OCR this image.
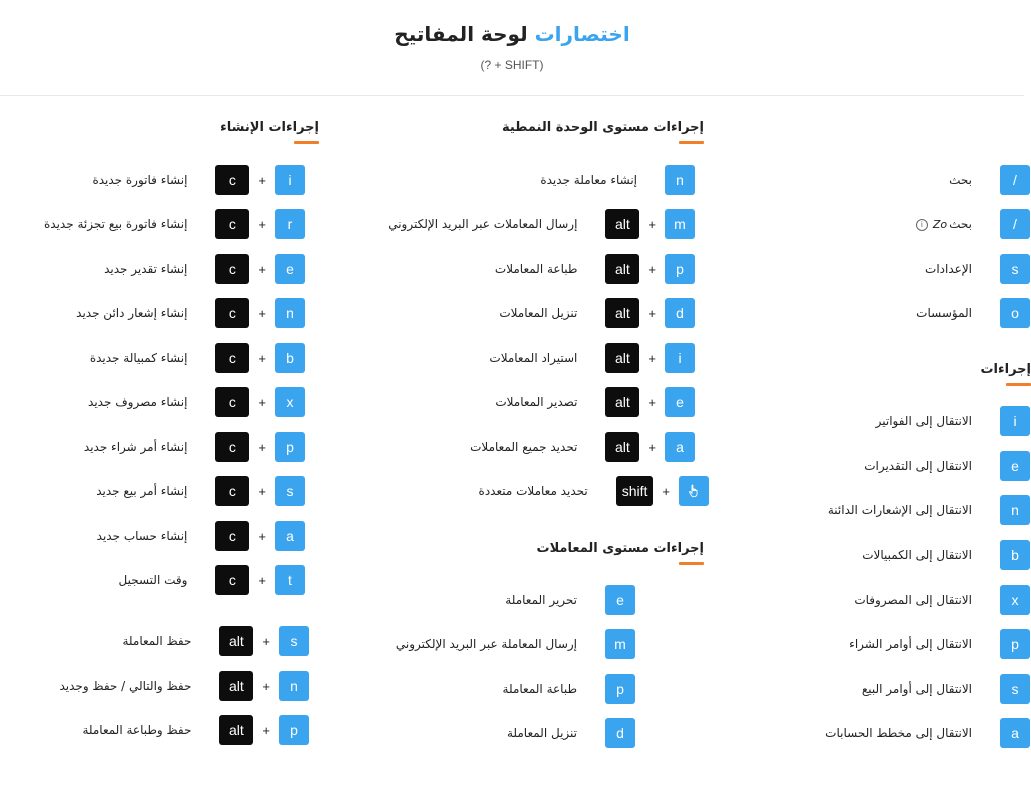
اختصارات لوحة المفاتيح
(? + SHIFT)
إجراءات الإنشاء	إجراءات مستوى الوحدة النمطية
إجراءات مستوى المعاملات
إجراءات
إنشاء فاتورة جديدة	c	+	i
إنشاء فاتورة بيع تجزئة جديدة	c	+	r
إنشاء تقدير جديد	c	+	e
إنشاء إشعار دائن جديد	c	+	n
إنشاء كمبيالة جديدة	c	+	b
إنشاء مصروف جديد	c	+	x
إنشاء أمر شراء جديد	c	+	p
إنشاء أمر بيع جديد	c	+	s
إنشاء حساب جديد	c	+	a
وقت التسجيل	c	+	t
حفظ المعاملة	alt	+	s
حفظ والتالي / حفظ وجديد	alt	+	n
حفظ وطباعة المعاملة	alt	+	p
إنشاء معاملة جديدة	n
إرسال المعاملات عبر البريد الإلكتروني	alt	+	m
طباعة المعاملات	alt	+	p
تنزيل المعاملات	alt	+	d
استيراد المعاملات	alt	+	i
تصدير المعاملات	alt	+	e
تحديد جميع المعاملات	alt	+	a
تحديد معاملات متعددة	shift	+
تحرير المعاملة	e
إرسال المعاملة عبر البريد الإلكتروني	m
طباعة المعاملة	p
تنزيل المعاملة	d
بحث	/
بحثZoi	/
الإعدادات	s
المؤسسات	o
الانتقال إلى الفواتير	i
الانتقال إلى التقديرات	e
الانتقال إلى الإشعارات الدائنة	n
الانتقال إلى الكمبيالات	b
الانتقال إلى المصروفات	x
الانتقال إلى أوامر الشراء	p
الانتقال إلى أوامر البيع	s
الانتقال إلى مخطط الحسابات	a
